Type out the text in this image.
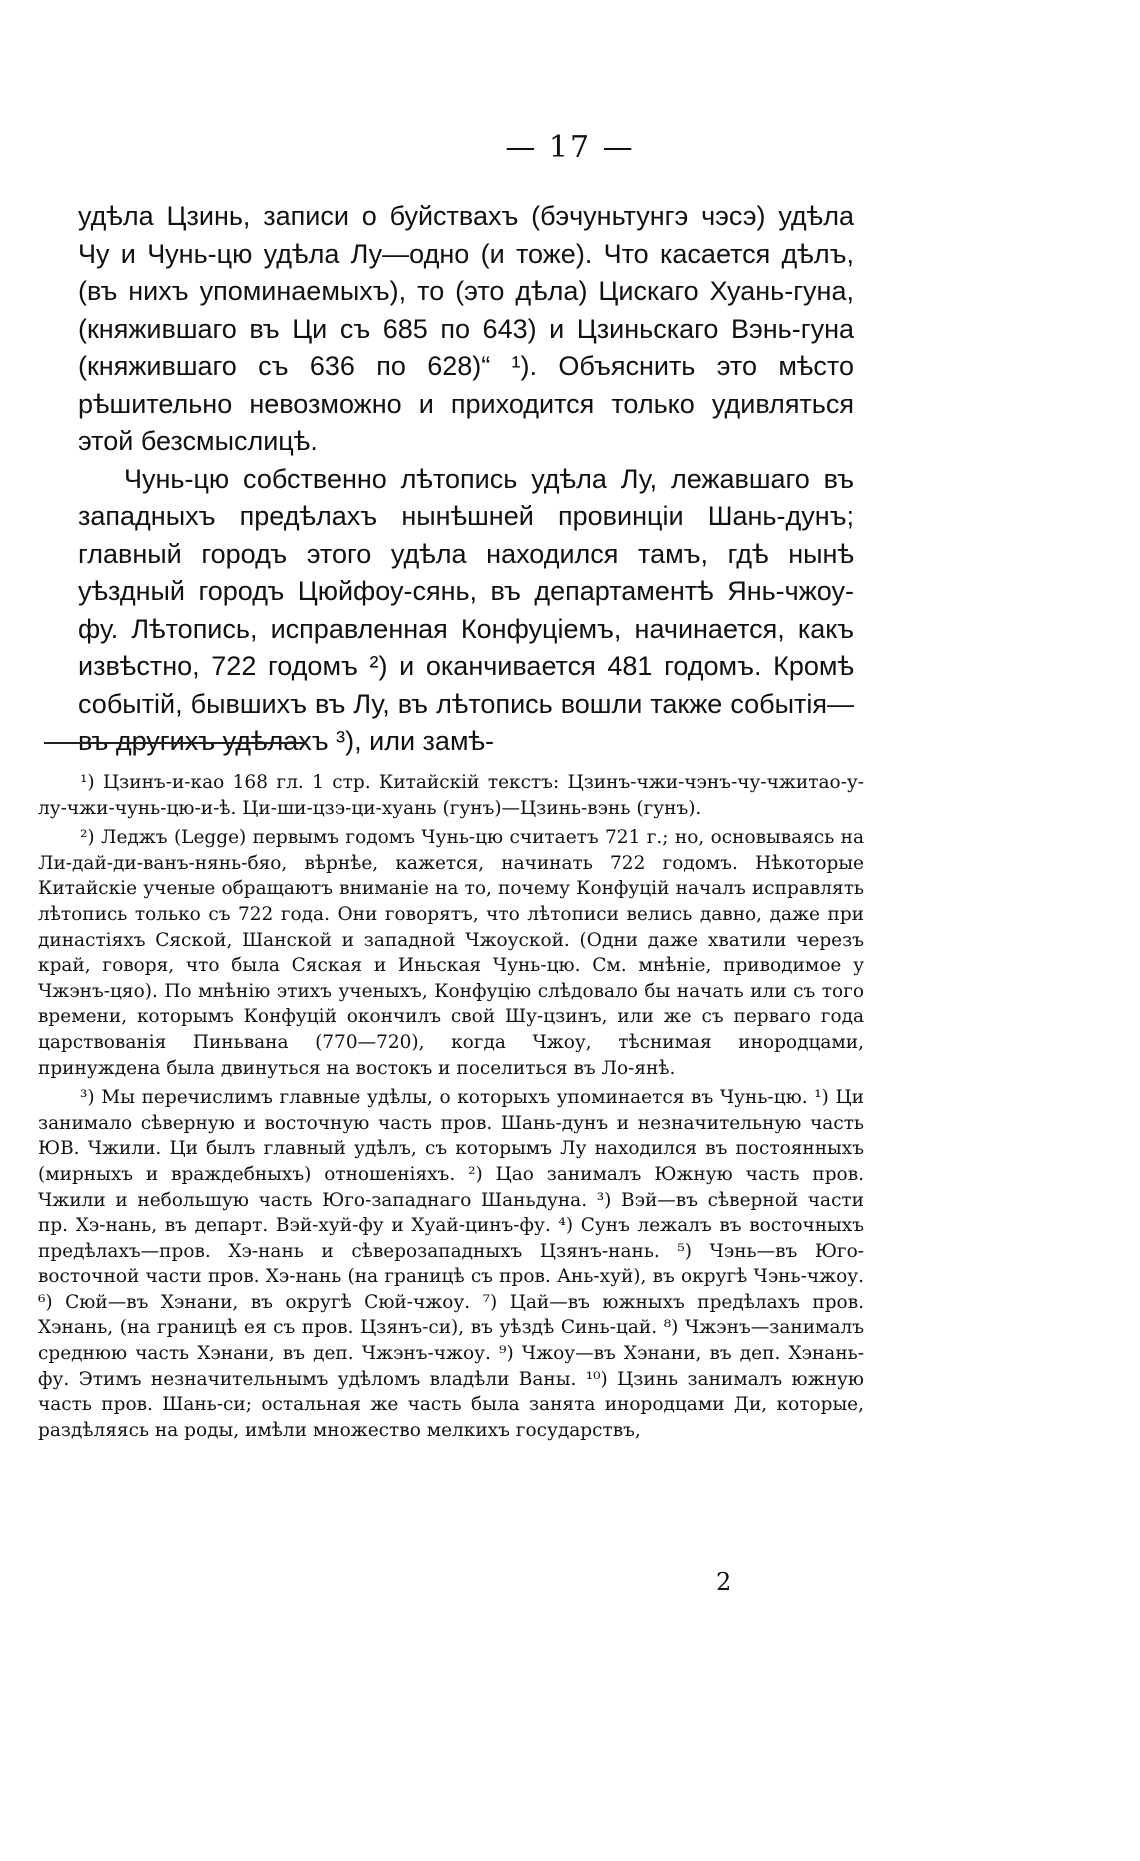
— 17 —

удѣла Цзинь, записи о буйствахъ (бэчуньтунгэ чэсэ) удѣла Чу и Чунь-цю удѣла Лу—одно (и тоже). Что касается дѣлъ, (въ нихъ упоминаемыхъ), то (это дѣла) Цискаго Хуань-гуна, (княжившаго въ Ци съ 685 по 643) и Цзиньскаго Вэнь-гуна (княжившаго съ 636 по 628)“ ¹). Объяснить это мѣсто рѣшительно невозможно и приходится только удивляться этой безсмыслицѣ.

Чунь-цю собственно лѣтопись удѣла Лу, лежавшаго въ западныхъ предѣлахъ нынѣшней провинціи Шань-дунъ; главный городъ этого удѣла находился тамъ, гдѣ нынѣ уѣздный городъ Цюйфоу-сянь, въ департаментѣ Янь-чжоу-фу. Лѣтопись, исправленная Конфуціемъ, начинается, какъ извѣстно, 722 годомъ ²) и оканчивается 481 годомъ. Кромѣ событій, бывшихъ въ Лу, въ лѣтопись вошли также событія—въ другихъ удѣлахъ ³), или замѣ-

¹) Цзинъ-и-као 168 гл. 1 стр. Китайскій текстъ: Цзинъ-чжи-чэнъ-чу-чжитао-у-лу-чжи-чунь-цю-и-ѣ. Ци-ши-цзэ-ци-хуань (гунъ)—Цзинь-вэнь (гунъ).

²) Леджъ (Legge) первымъ годомъ Чунь-цю считаетъ 721 г.; но, основываясь на Ли-дай-ди-ванъ-нянь-бяо, вѣрнѣе, кажется, начинать 722 годомъ. Нѣкоторые Китайскіе ученые обращаютъ вниманіе на то, почему Конфуцій началъ исправлять лѣтопись только съ 722 года. Они говорятъ, что лѣтописи велись давно, даже при династіяхъ Сяской, Шанской и западной Чжоуской. (Одни даже хватили черезъ край, говоря, что была Сяская и Иньская Чунь-цю. См. мнѣніе, приводимое у Чжэнъ-цяо). По мнѣнію этихъ ученыхъ, Конфуцію слѣдовало бы начать или съ того времени, которымъ Конфуцій окончилъ свой Шу-цзинъ, или же съ перваго года царствованія Пиньвана (770—720), когда Чжоу, тѣснимая инородцами, принуждена была двинуться на востокъ и поселиться въ Ло-янѣ.

³) Мы перечислимъ главные удѣлы, о которыхъ упоминается въ Чунь-цю. ¹) Ци занимало сѣверную и восточную часть пров. Шань-дунъ и незначительную часть ЮВ. Чжили. Ци былъ главный удѣлъ, съ которымъ Лу находился въ постоянныхъ (мирныхъ и враждебныхъ) отношеніяхъ. ²) Цао занималъ Южную часть пров. Чжили и небольшую часть Юго-западнаго Шаньдуна. ³) Вэй—въ сѣверной части пр. Хэ-нань, въ департ. Вэй-хуй-фу и Хуай-цинъ-фу. ⁴) Сунъ лежалъ въ восточныхъ предѣлахъ—пров. Хэ-нань и сѣверозападныхъ Цзянъ-нань. ⁵) Чэнь—въ Юго-восточной части пров. Хэ-нань (на границѣ съ пров. Ань-хуй), въ округѣ Чэнь-чжоу. ⁶) Сюй—въ Хэнани, въ округѣ Сюй-чжоу. ⁷) Цай—въ южныхъ предѣлахъ пров. Хэнань, (на границѣ ея съ пров. Цзянъ-си), въ уѣздѣ Синь-цай. ⁸) Чжэнъ—занималъ среднюю часть Хэнани, въ деп. Чжэнъ-чжоу. ⁹) Чжоу—въ Хэнани, въ деп. Хэнань-фу. Этимъ незначительнымъ удѣломъ владѣли Ваны. ¹⁰) Цзинь занималъ южную часть пров. Шань-си; остальная же часть была занята инородцами Ди, которые, раздѣляясь на роды, имѣли множество мелкихъ государствъ,

2
